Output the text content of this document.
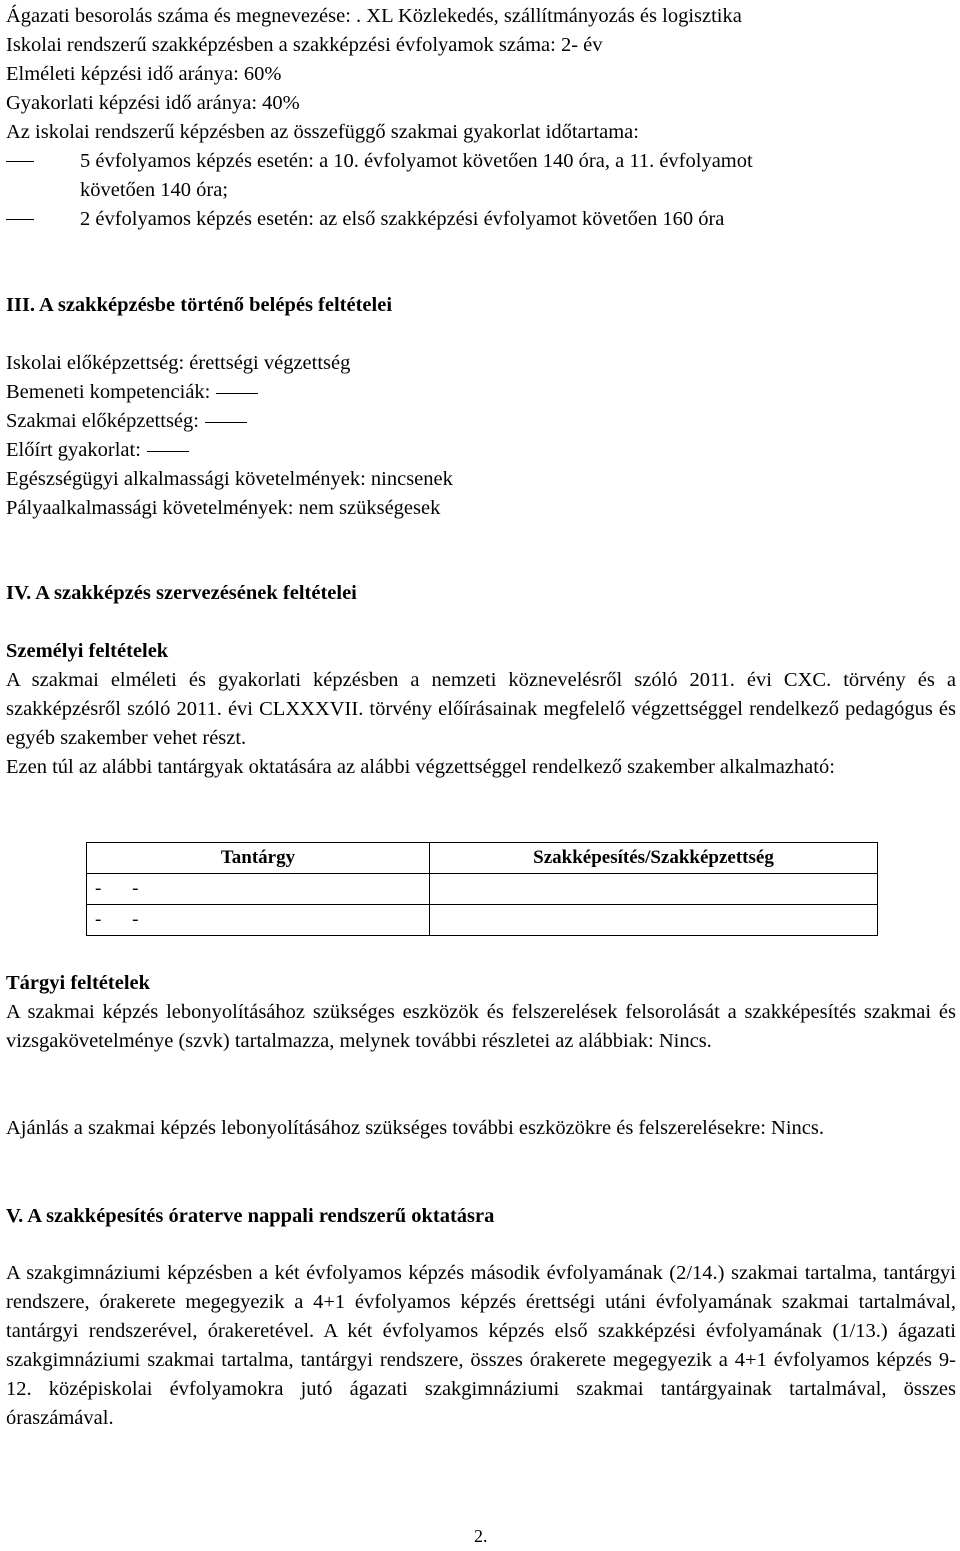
Ágazati besorolás száma és megnevezése: . XL Közlekedés, szállítmányozás és logisztika

Iskolai rendszerű szakképzésben a szakképzési évfolyamok száma: 2- év

Elméleti képzési idő aránya: 60%

Gyakorlati képzési idő aránya: 40%

Az iskolai rendszerű képzésben az összefüggő szakmai gyakorlat időtartama:

5 évfolyamos képzés esetén: a 10. évfolyamot követően 140 óra, a 11. évfolyamot
követően 140 óra;
2 évfolyamos képzés esetén: az első szakképzési évfolyamot követően 160 óra

III. A szakképzésbe történő belépés feltételei

Iskolai előképzettség: érettségi végzettség

Bemeneti kompetenciák:

Szakmai előképzettség:

Előírt gyakorlat:

Egészségügyi alkalmassági követelmények: nincsenek

Pályaalkalmassági követelmények: nem szükségesek

IV. A szakképzés szervezésének feltételei

Személyi feltételek

A szakmai elméleti és gyakorlati képzésben a nemzeti köznevelésről szóló 2011. évi CXC. törvény és a szakképzésről szóló 2011. évi CLXXXVII. törvény előírásainak megfelelő végzettséggel rendelkező pedagógus és egyéb szakember vehet részt.

Ezen túl az alábbi tantárgyak oktatására az alábbi végzettséggel rendelkező szakember alkalmazható:

Tantárgy	Szakképesítés/Szakképzettség
- -	
- -	

Tárgyi feltételek

A szakmai képzés lebonyolításához szükséges eszközök és felszerelések felsorolását a szakképesítés szakmai és vizsgakövetelménye (szvk) tartalmazza, melynek további részletei az alábbiak: Nincs.

Ajánlás a szakmai képzés lebonyolításához szükséges további eszközökre és felszerelésekre: Nincs.

V. A szakképesítés óraterve nappali rendszerű oktatásra

A szakgimnáziumi képzésben a két évfolyamos képzés második évfolyamának (2/14.) szakmai tartalma, tantárgyi rendszere, órakerete megegyezik a 4+1 évfolyamos képzés érettségi utáni évfolyamának szakmai tartalmával, tantárgyi rendszerével, órakeretével. A két évfolyamos képzés első szakképzési évfolyamának (1/13.) ágazati szakgimnáziumi szakmai tartalma, tantárgyi rendszere, összes órakerete megegyezik a 4+1 évfolyamos képzés 9-12. középiskolai évfolyamokra jutó ágazati szakgimnáziumi szakmai tantárgyainak tartalmával, összes óraszámával.

2.
